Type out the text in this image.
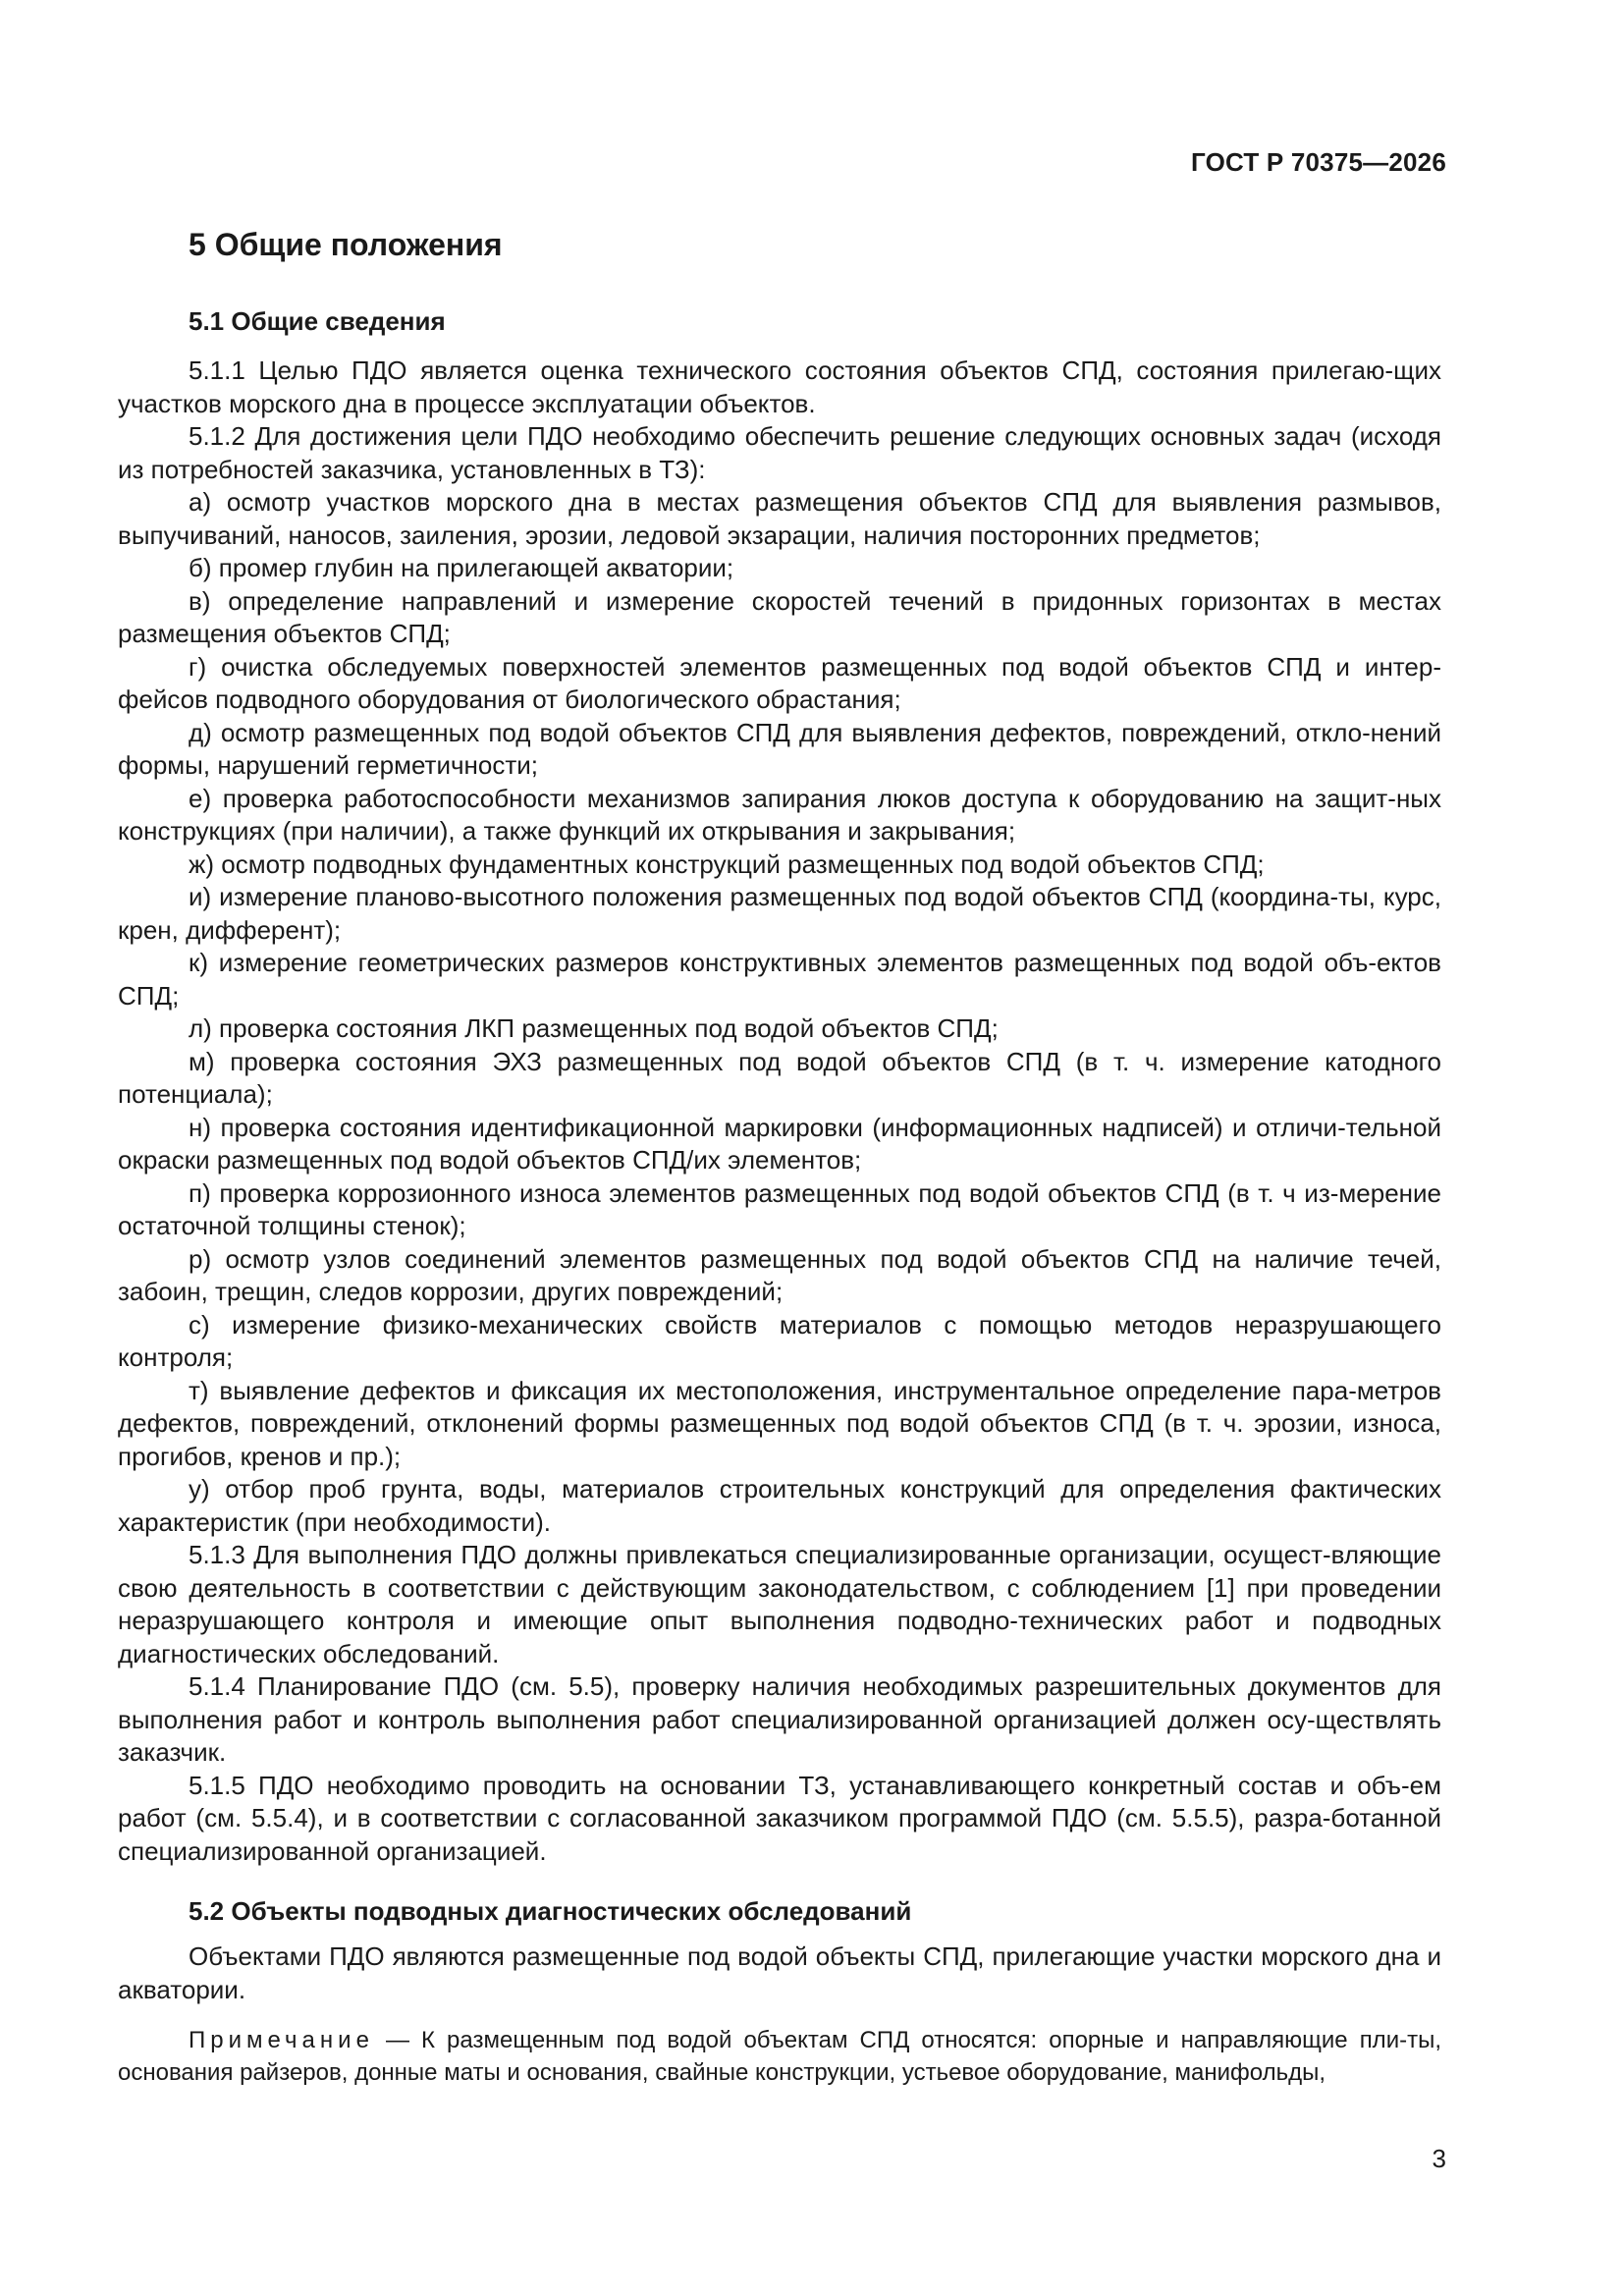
ГОСТ Р 70375—2026
5 Общие положения
5.1 Общие сведения

5.1.1 Целью ПДО является оценка технического состояния объектов СПД, состояния прилегаю-щих участков морского дна в процессе эксплуатации объектов.

5.1.2 Для достижения цели ПДО необходимо обеспечить решение следующих основных задач (исходя из потребностей заказчика, установленных в ТЗ):

а) осмотр участков морского дна в местах размещения объектов СПД для выявления размывов, выпучиваний, наносов, заиления, эрозии, ледовой экзарации, наличия посторонних предметов;

б) промер глубин на прилегающей акватории;

в) определение направлений и измерение скоростей течений в придонных горизонтах в местах размещения объектов СПД;

г) очистка обследуемых поверхностей элементов размещенных под водой объектов СПД и интер-фейсов подводного оборудования от биологического обрастания;

д) осмотр размещенных под водой объектов СПД для выявления дефектов, повреждений, откло-нений формы, нарушений герметичности;

е) проверка работоспособности механизмов запирания люков доступа к оборудованию на защит-ных конструкциях (при наличии), а также функций их открывания и закрывания;

ж) осмотр подводных фундаментных конструкций размещенных под водой объектов СПД;

и) измерение планово-высотного положения размещенных под водой объектов СПД (координа-ты, курс, крен, дифферент);

к) измерение геометрических размеров конструктивных элементов размещенных под водой объ-ектов СПД;

л) проверка состояния ЛКП размещенных под водой объектов СПД;

м) проверка состояния ЭХЗ размещенных под водой объектов СПД (в т. ч. измерение катодного потенциала);

н) проверка состояния идентификационной маркировки (информационных надписей) и отличи-тельной окраски размещенных под водой объектов СПД/их элементов;

п) проверка коррозионного износа элементов размещенных под водой объектов СПД (в т. ч из-мерение остаточной толщины стенок);

р) осмотр узлов соединений элементов размещенных под водой объектов СПД на наличие течей, забоин, трещин, следов коррозии, других повреждений;

с) измерение физико-механических свойств материалов с помощью методов неразрушающего контроля;

т) выявление дефектов и фиксация их местоположения, инструментальное определение пара-метров дефектов, повреждений, отклонений формы размещенных под водой объектов СПД (в т. ч. эрозии, износа, прогибов, кренов и пр.);

у) отбор проб грунта, воды, материалов строительных конструкций для определения фактических характеристик (при необходимости).

5.1.3 Для выполнения ПДО должны привлекаться специализированные организации, осущест-вляющие свою деятельность в соответствии с действующим законодательством, с соблюдением [1] при проведении неразрушающего контроля и имеющие опыт выполнения подводно-технических работ и подводных диагностических обследований.

5.1.4 Планирование ПДО (см. 5.5), проверку наличия необходимых разрешительных документов для выполнения работ и контроль выполнения работ специализированной организацией должен осу-ществлять заказчик.

5.1.5 ПДО необходимо проводить на основании ТЗ, устанавливающего конкретный состав и объ-ем работ (см. 5.5.4), и в соответствии с согласованной заказчиком программой ПДО (см. 5.5.5), разра-ботанной специализированной организацией.

5.2 Объекты подводных диагностических обследований

Объектами ПДО являются размещенные под водой объекты СПД, прилегающие участки морского дна и акватории.

Примечание — К размещенным под водой объектам СПД относятся: опорные и направляющие пли-ты, основания райзеров, донные маты и основания, свайные конструкции, устьевое оборудование, манифольды,

3
